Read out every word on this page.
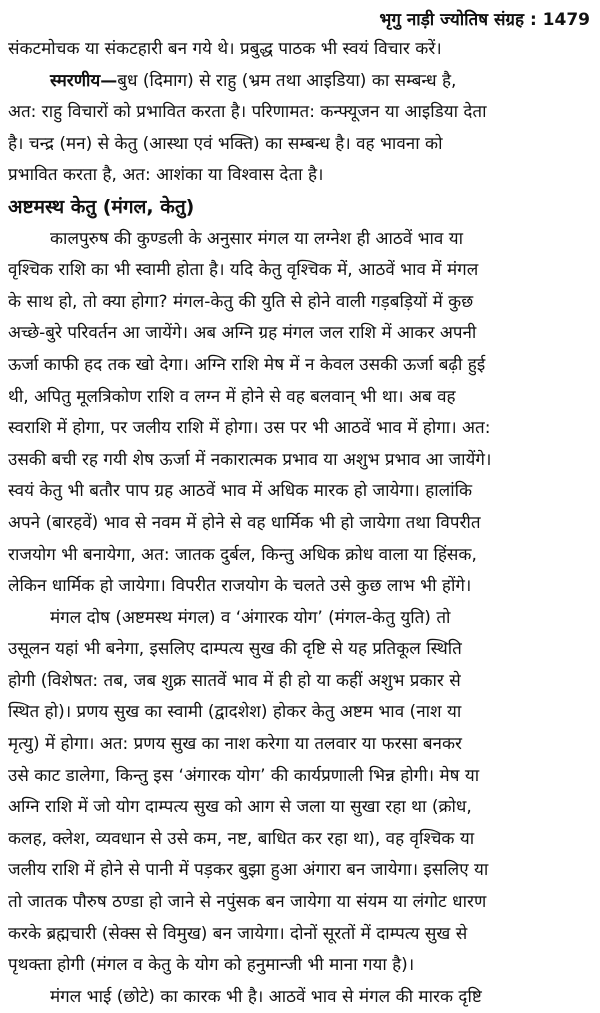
भृगु नाड़ी ज्योतिष संग्रह : 1479
संकटमोचक या संकटहारी बन गये थे। प्रबुद्ध पाठक भी स्वयं विचार करें।
स्मरणीय—बुध (दिमाग) से राहु (भ्रम तथा आइडिया) का सम्बन्ध है,
अत: राहु विचारों को प्रभावित करता है। परिणामत: कन्फ्यूजन या आइडिया देता
है। चन्द्र (मन) से केतु (आस्था एवं भक्ति) का सम्बन्ध है। वह भावना को
प्रभावित करता है, अत: आशंका या विश्वास देता है।
अष्टमस्थ केतु (मंगल, केतु)
कालपुरुष की कुण्डली के अनुसार मंगल या लग्नेश ही आठवें भाव या
वृश्चिक राशि का भी स्वामी होता है। यदि केतु वृश्चिक में, आठवें भाव में मंगल
के साथ हो, तो क्या होगा? मंगल-केतु की युति से होने वाली गड़बड़ियों में कुछ
अच्छे-बुरे परिवर्तन आ जायेंगे। अब अग्नि ग्रह मंगल जल राशि में आकर अपनी
ऊर्जा काफी हद तक खो देगा। अग्नि राशि मेष में न केवल उसकी ऊर्जा बढ़ी हुई
थी, अपितु मूलत्रिकोण राशि व लग्न में होने से वह बलवान् भी था। अब वह
स्वराशि में होगा, पर जलीय राशि में होगा। उस पर भी आठवें भाव में होगा। अत:
उसकी बची रह गयी शेष ऊर्जा में नकारात्मक प्रभाव या अशुभ प्रभाव आ जायेंगे।
स्वयं केतु भी बतौर पाप ग्रह आठवें भाव में अधिक मारक हो जायेगा। हालांकि
अपने (बारहवें) भाव से नवम में होने से वह धार्मिक भी हो जायेगा तथा विपरीत
राजयोग भी बनायेगा, अत: जातक दुर्बल, किन्तु अधिक क्रोध वाला या हिंसक,
लेकिन धार्मिक हो जायेगा। विपरीत राजयोग के चलते उसे कुछ लाभ भी होंगे।
मंगल दोष (अष्टमस्थ मंगल) व ‘अंगारक योग’ (मंगल-केतु युति) तो
उसूलन यहां भी बनेगा, इसलिए दाम्पत्य सुख की दृष्टि से यह प्रतिकूल स्थिति
होगी (विशेषत: तब, जब शुक्र सातवें भाव में ही हो या कहीं अशुभ प्रकार से
स्थित हो)। प्रणय सुख का स्वामी (द्वादशेश) होकर केतु अष्टम भाव (नाश या
मृत्यु) में होगा। अत: प्रणय सुख का नाश करेगा या तलवार या फरसा बनकर
उसे काट डालेगा, किन्तु इस ‘अंगारक योग’ की कार्यप्रणाली भिन्न होगी। मेष या
अग्नि राशि में जो योग दाम्पत्य सुख को आग से जला या सुखा रहा था (क्रोध,
कलह, क्लेश, व्यवधान से उसे कम, नष्ट, बाधित कर रहा था), वह वृश्चिक या
जलीय राशि में होने से पानी में पड़कर बुझा हुआ अंगारा बन जायेगा। इसलिए या
तो जातक पौरुष ठण्डा हो जाने से नपुंसक बन जायेगा या संयम या लंगोट धारण
करके ब्रह्मचारी (सेक्स से विमुख) बन जायेगा। दोनों सूरतों में दाम्पत्य सुख से
पृथक्ता होगी (मंगल व केतु के योग को हनुमान्जी भी माना गया है)।
मंगल भाई (छोटे) का कारक भी है। आठवें भाव से मंगल की मारक दृष्टि
